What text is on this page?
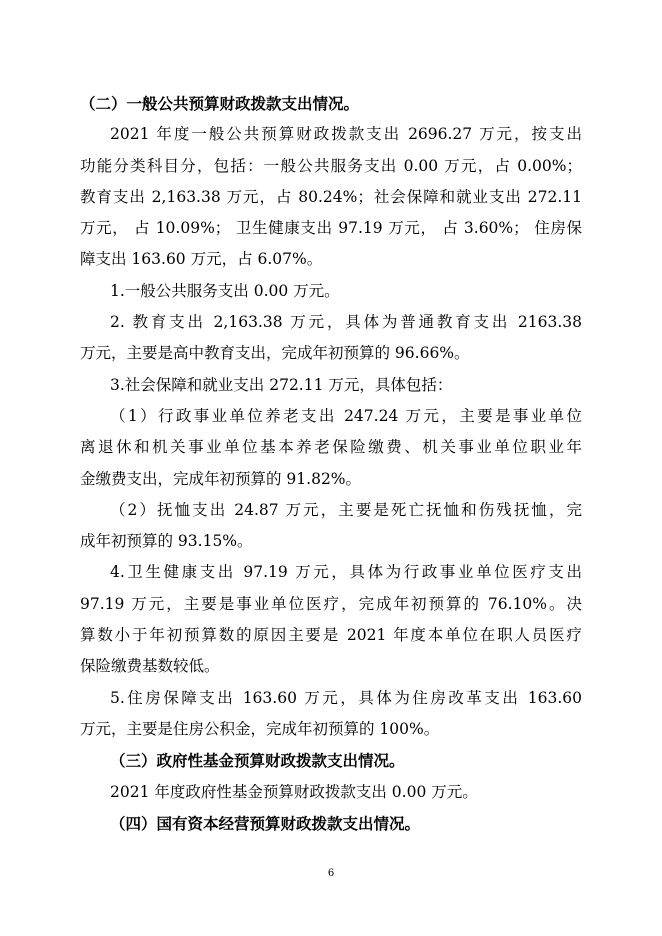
（二）一般公共预算财政拨款支出情况。
2021 年度一般公共预算财政拨款支出 2696.27 万元，按支出
功能分类科目分，包括：一般公共服务支出 0.00 万元，占 0.00%；
教育支出 2,163.38 万元，占 80.24%；社会保障和就业支出 272.11
万元， 占 10.09%； 卫生健康支出 97.19 万元， 占 3.60%； 住房保
障支出 163.60 万元，占 6.07%。
1.一般公共服务支出 0.00 万元。
2. 教育支出 2,163.38 万元，具体为普通教育支出 2163.38
万元，主要是高中教育支出，完成年初预算的 96.66%。
3.社会保障和就业支出 272.11 万元，具体包括：
（1）行政事业单位养老支出 247.24 万元，主要是事业单位
离退休和机关事业单位基本养老保险缴费、机关事业单位职业年
金缴费支出，完成年初预算的 91.82%。
（2）抚恤支出 24.87 万元，主要是死亡抚恤和伤残抚恤，完
成年初预算的 93.15%。
4.卫生健康支出 97.19 万元，具体为行政事业单位医疗支出
97.19 万元，主要是事业单位医疗，完成年初预算的 76.10%。决
算数小于年初预算数的原因主要是 2021 年度本单位在职人员医疗
保险缴费基数较低。
5.住房保障支出 163.60 万元，具体为住房改革支出 163.60
万元，主要是住房公积金，完成年初预算的 100%。
（三）政府性基金预算财政拨款支出情况。
2021 年度政府性基金预算财政拨款支出 0.00 万元。
（四）国有资本经营预算财政拨款支出情况。
6
